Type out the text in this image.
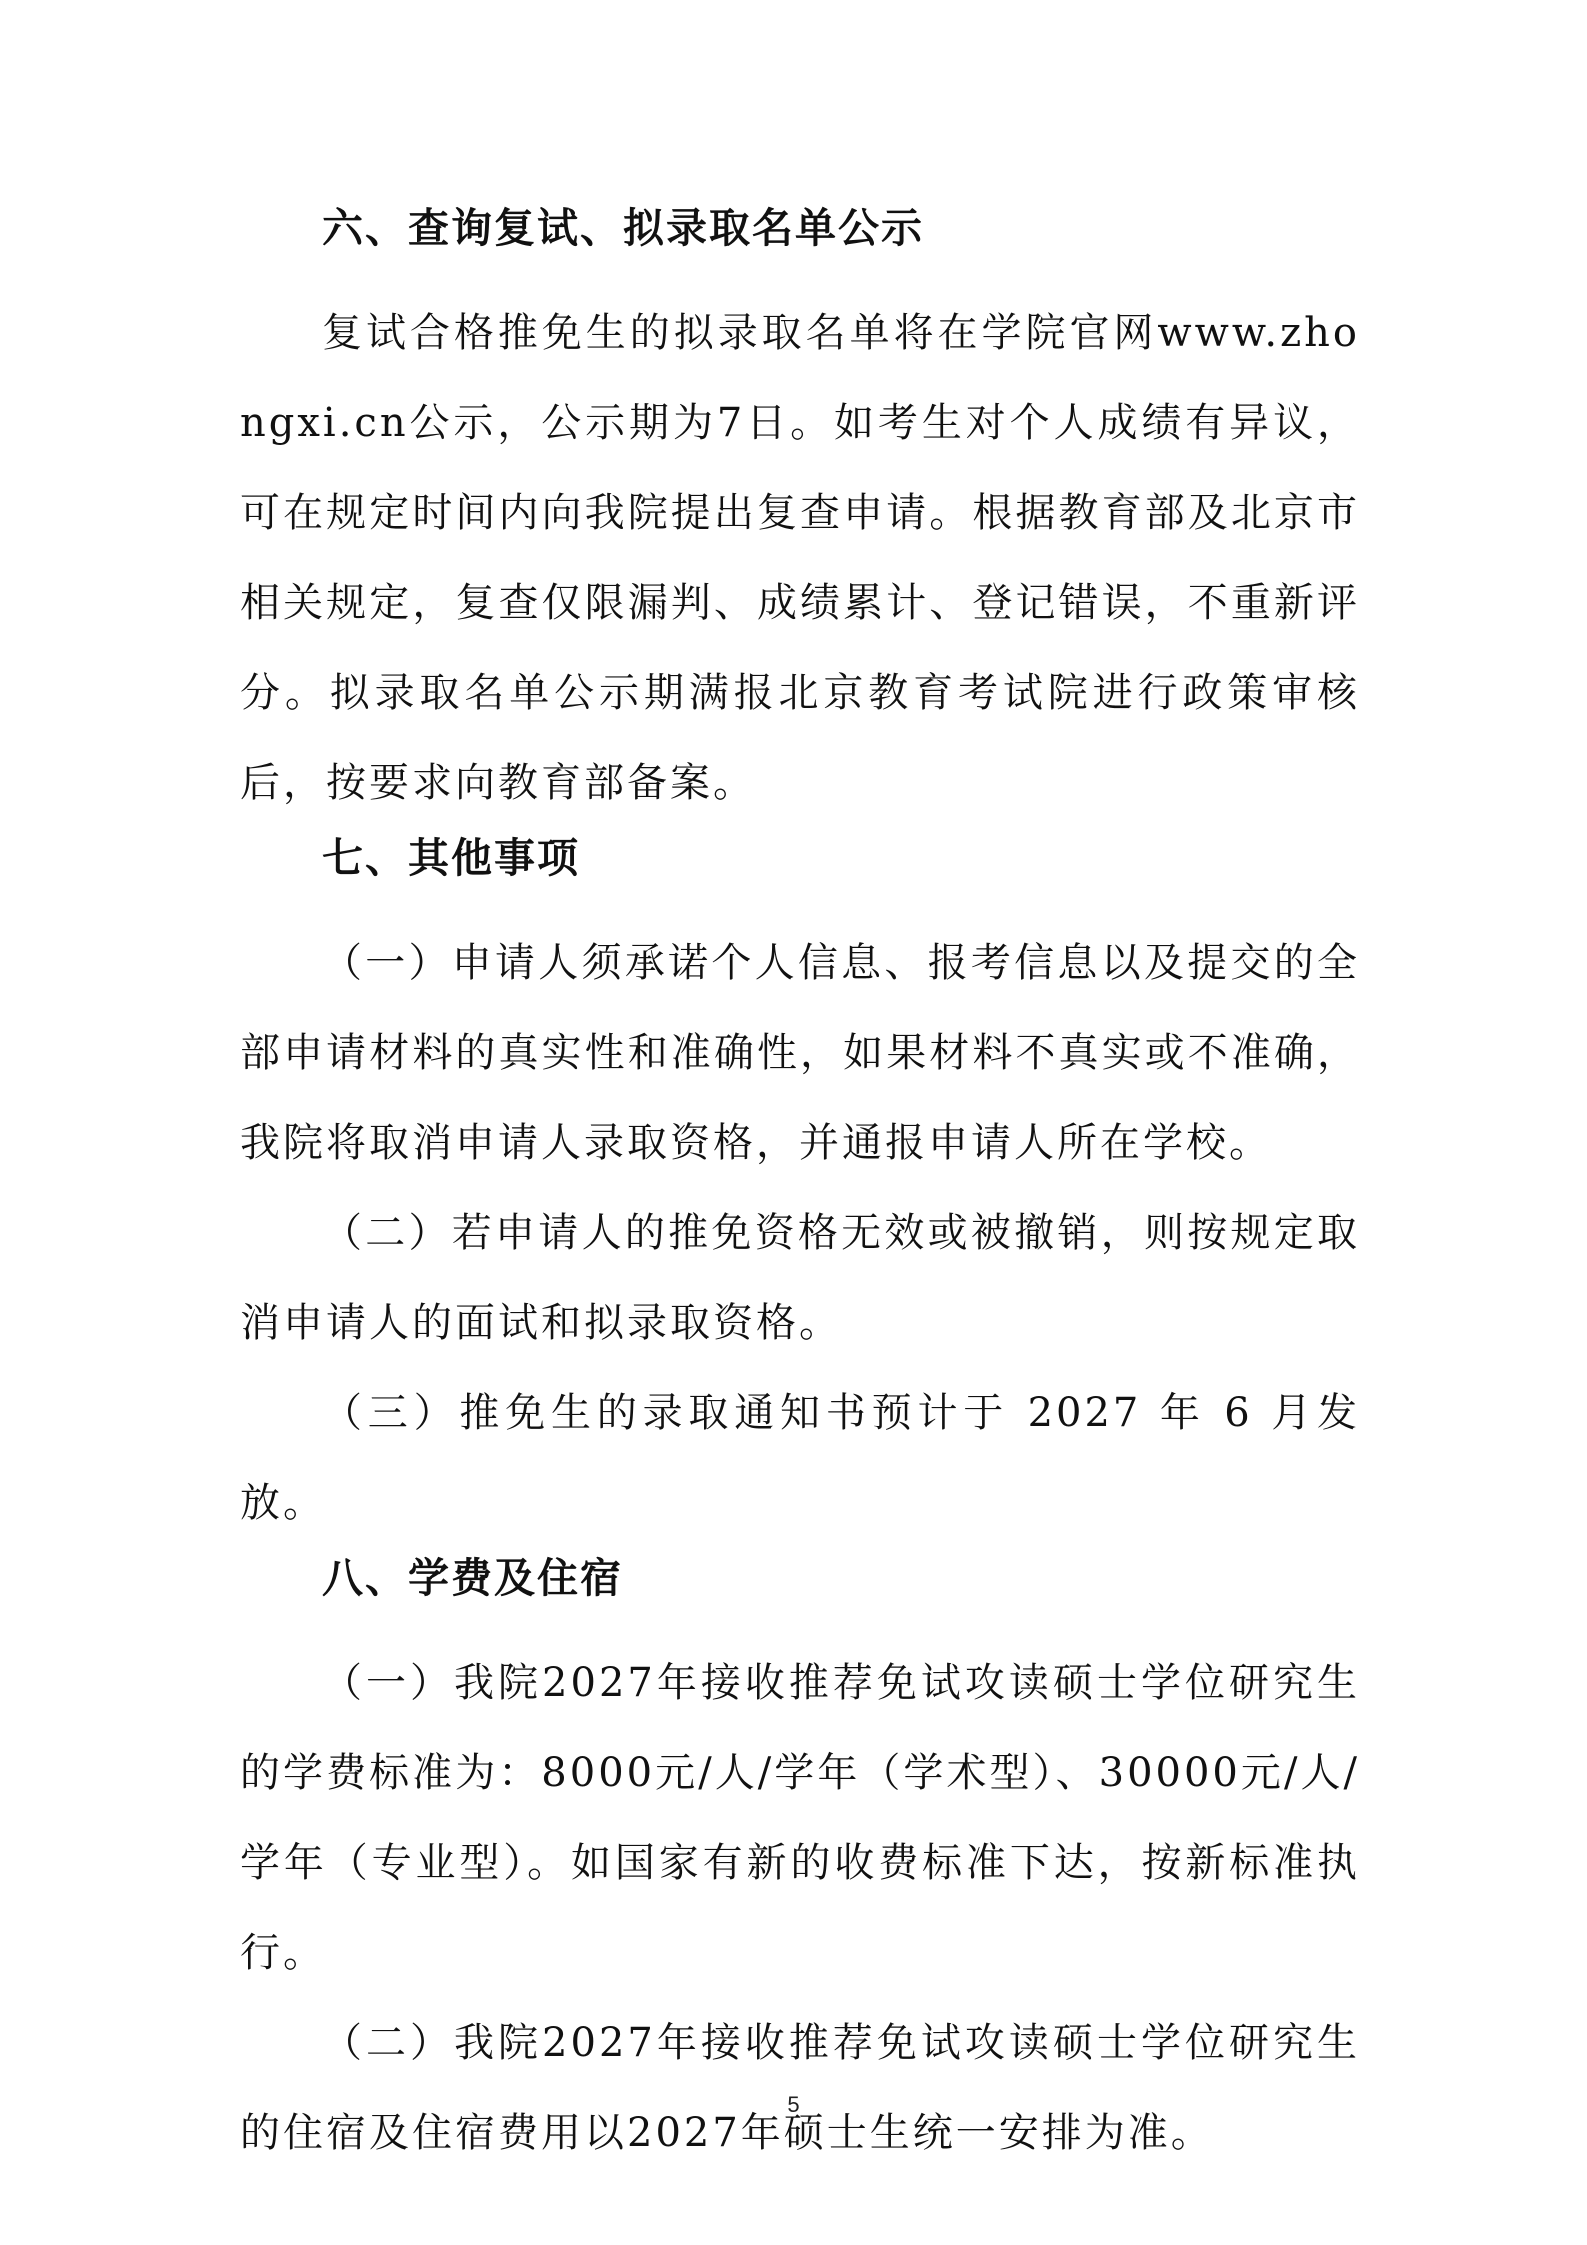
六、查询复试、拟录取名单公示

复试合格推免生的拟录取名单将在学院官网www.zhongxi.cn公示，公示期为7日。如考生对个人成绩有异议，可在规定时间内向我院提出复查申请。根据教育部及北京市相关规定，复查仅限漏判、成绩累计、登记错误，不重新评分。拟录取名单公示期满报北京教育考试院进行政策审核后，按要求向教育部备案。

七、其他事项

（一）申请人须承诺个人信息、报考信息以及提交的全部申请材料的真实性和准确性，如果材料不真实或不准确，我院将取消申请人录取资格，并通报申请人所在学校。

（二）若申请人的推免资格无效或被撤销，则按规定取消申请人的面试和拟录取资格。

（三）推免生的录取通知书预计于 2027 年 6 月发放。

八、学费及住宿

（一）我院2027年接收推荐免试攻读硕士学位研究生的学费标准为：8000元/人/学年（学术型）、30000元/人/学年（专业型）。如国家有新的收费标准下达，按新标准执行。

（二）我院2027年接收推荐免试攻读硕士学位研究生的住宿及住宿费用以2027年硕士生统一安排为准。

5
